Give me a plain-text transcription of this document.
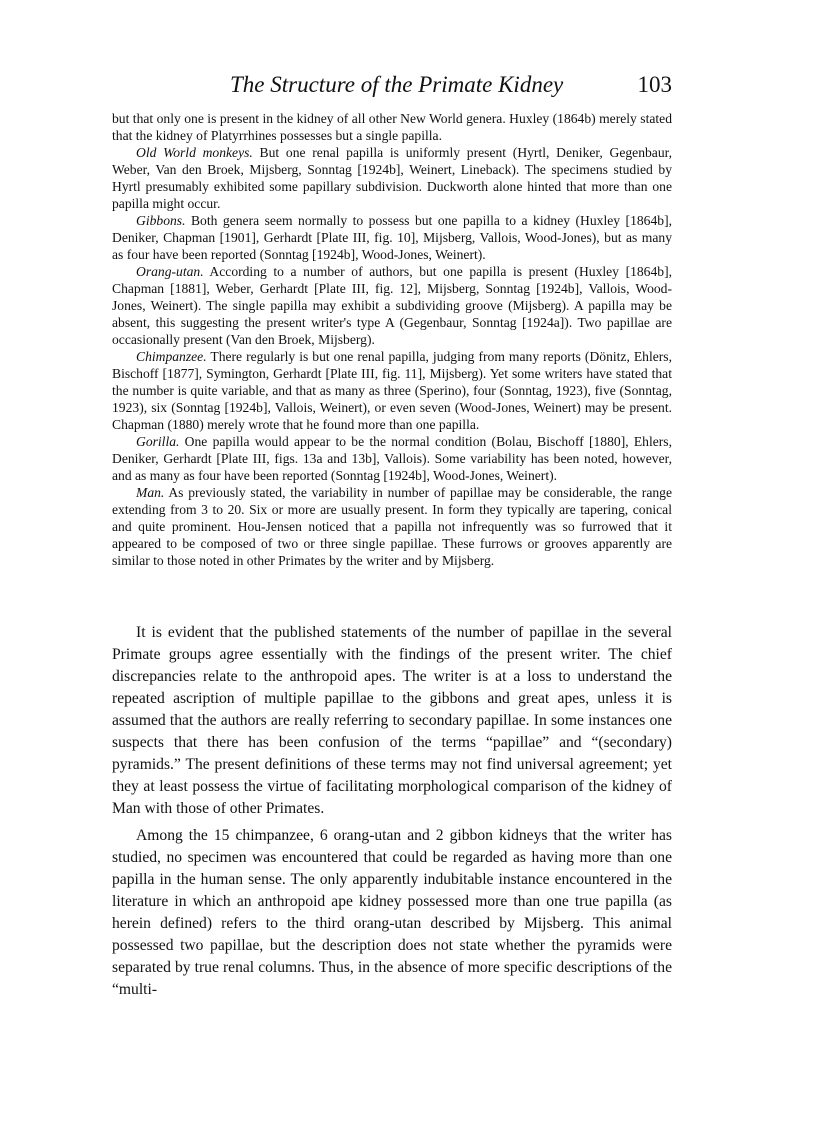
The Structure of the Primate Kidney	103

but that only one is present in the kidney of all other New World genera. Huxley (1864b) merely stated that the kidney of Platyrrhines possesses but a single papilla.

Old World monkeys. But one renal papilla is uniformly present (Hyrtl, Deniker, Gegenbaur, Weber, Van den Broek, Mijsberg, Sonntag [1924b], Weinert, Lineback). The specimens studied by Hyrtl presumably exhibited some papillary subdivision. Duckworth alone hinted that more than one papilla might occur.

Gibbons. Both genera seem normally to possess but one papilla to a kidney (Huxley [1864b], Deniker, Chapman [1901], Gerhardt [Plate III, fig. 10], Mijsberg, Vallois, Wood-Jones), but as many as four have been reported (Sonntag [1924b], Wood-Jones, Weinert).

Orang-utan. According to a number of authors, but one papilla is present (Huxley [1864b], Chapman [1881], Weber, Gerhardt [Plate III, fig. 12], Mijsberg, Sonntag [1924b], Vallois, Wood-Jones, Weinert). The single papilla may exhibit a subdividing groove (Mijsberg). A papilla may be absent, this suggesting the present writer's type A (Gegenbaur, Sonntag [1924a]). Two papillae are occasionally present (Van den Broek, Mijsberg).

Chimpanzee. There regularly is but one renal papilla, judging from many reports (Dönitz, Ehlers, Bischoff [1877], Symington, Gerhardt [Plate III, fig. 11], Mijsberg). Yet some writers have stated that the number is quite variable, and that as many as three (Sperino), four (Sonntag, 1923), five (Sonntag, 1923), six (Sonntag [1924b], Vallois, Weinert), or even seven (Wood-Jones, Weinert) may be present. Chapman (1880) merely wrote that he found more than one papilla.

Gorilla. One papilla would appear to be the normal condition (Bolau, Bischoff [1880], Ehlers, Deniker, Gerhardt [Plate III, figs. 13a and 13b], Vallois). Some variability has been noted, however, and as many as four have been reported (Sonntag [1924b], Wood-Jones, Weinert).

Man. As previously stated, the variability in number of papillae may be considerable, the range extending from 3 to 20. Six or more are usually present. In form they typically are tapering, conical and quite prominent. Hou-Jensen noticed that a papilla not infrequently was so furrowed that it appeared to be composed of two or three single papillae. These furrows or grooves apparently are similar to those noted in other Primates by the writer and by Mijsberg.

It is evident that the published statements of the number of papillae in the several Primate groups agree essentially with the findings of the present writer. The chief discrepancies relate to the anthropoid apes. The writer is at a loss to understand the repeated ascription of multiple papillae to the gibbons and great apes, unless it is assumed that the authors are really referring to secondary papillae. In some instances one suspects that there has been confusion of the terms “papillae” and “(secondary) pyramids.” The present definitions of these terms may not find universal agreement; yet they at least possess the virtue of facilitating morphological comparison of the kidney of Man with those of other Primates.

Among the 15 chimpanzee, 6 orang-utan and 2 gibbon kidneys that the writer has studied, no specimen was encountered that could be regarded as having more than one papilla in the human sense. The only apparently indubitable instance encountered in the literature in which an anthropoid ape kidney possessed more than one true papilla (as herein defined) refers to the third orang-utan described by Mijsberg. This animal possessed two papillae, but the description does not state whether the pyramids were separated by true renal columns. Thus, in the absence of more specific descriptions of the “multi-
